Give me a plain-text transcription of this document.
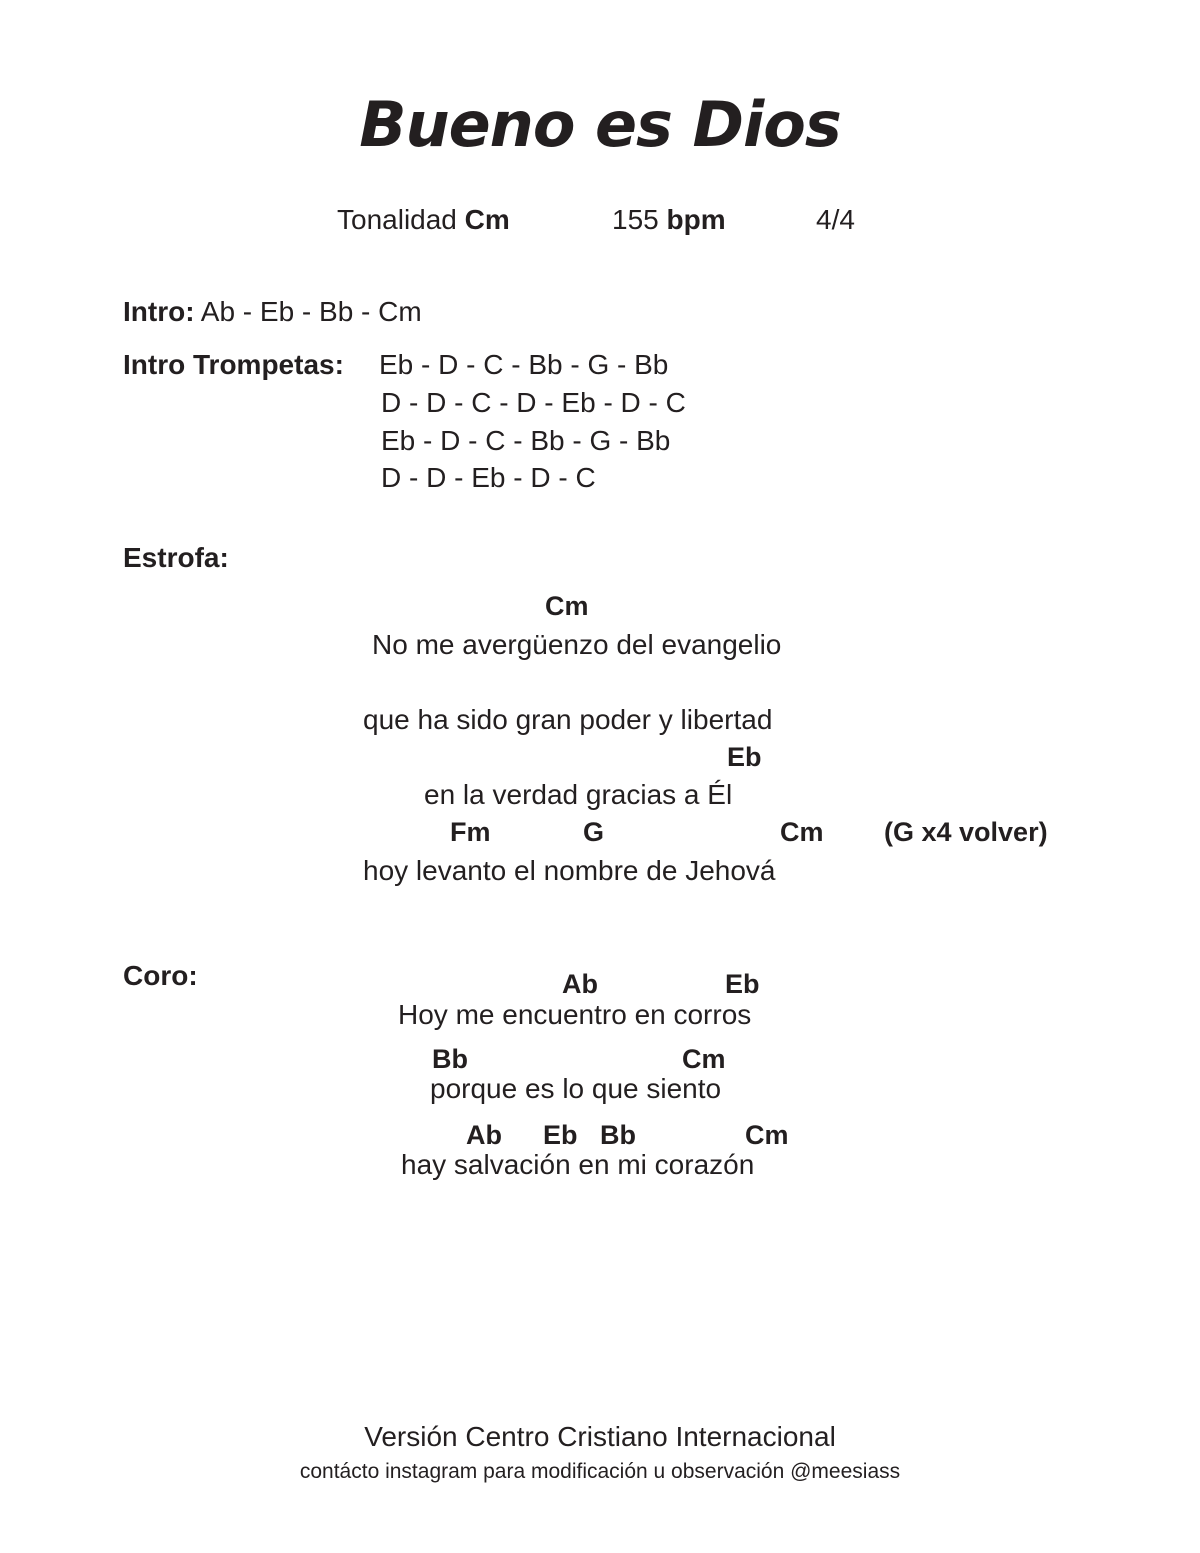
Bueno es Dios
Tonalidad Cm	155 bpm	4/4
Intro: Ab - Eb - Bb - Cm
Intro Trompetas: Eb - D - C - Bb - G - Bb
D - D - C - D - Eb - D - C
Eb - D - C - Bb - G - Bb
D - D - Eb - D - C
Estrofa:
Cm
No me avergüenzo del evangelio
que ha sido gran poder y libertad
Eb
en la verdad gracias a Él
Fm	G	Cm (G x4 volver)
hoy levanto el nombre de Jehová
Coro:	Ab	Eb
Hoy me encuentro en corros
Bb	Cm
porque es lo que siento
Ab Eb Bb	Cm
hay salvación en mi corazón
Versión Centro Cristiano Internacional
contácto instagram para modificación u observación @meesiass
